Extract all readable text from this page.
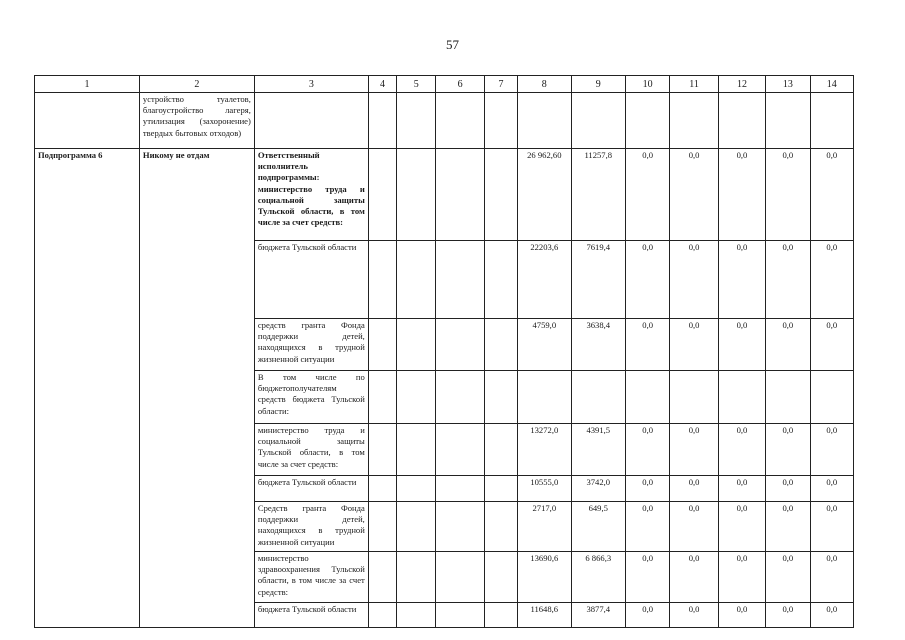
57
1	2	3	4	5	6	7	8	9	10	11	12	13	14
	устройство туалетов, благоустройство лагеря, утилизация (захоронение) твердых бытовых отходов)												
Подпрограмма 6	Никому не отдам	Ответственный исполнитель подпрограммы: министерство труда и социальной защиты Тульской области, в том числе за счет средств:					26 962,60	11257,8	0,0	0,0	0,0	0,0	0,0
		бюджета Тульской области					22203,6	7619,4	0,0	0,0	0,0	0,0	0,0
		средств гранта Фонда поддержки детей, находящихся в трудной жизненной ситуации					4759,0	3638,4	0,0	0,0	0,0	0,0	0,0
		В том числе по бюджетополучателям средств бюджета Тульской области:											
		министерство труда и социальной защиты Тульской области, в том числе за счет средств:					13272,0	4391,5	0,0	0,0	0,0	0,0	0,0
		бюджета Тульской области					10555,0	3742,0	0,0	0,0	0,0	0,0	0,0
		Средств гранта Фонда поддержки детей, находящихся в трудной жизненной ситуации					2717,0	649,5	0,0	0,0	0,0	0,0	0,0
		министерство здравоохранения Тульской области, в том числе за счет средств:					13690,6	6 866,3	0,0	0,0	0,0	0,0	0,0
		бюджета Тульской области					11648,6	3877,4	0,0	0,0	0,0	0,0	0,0
